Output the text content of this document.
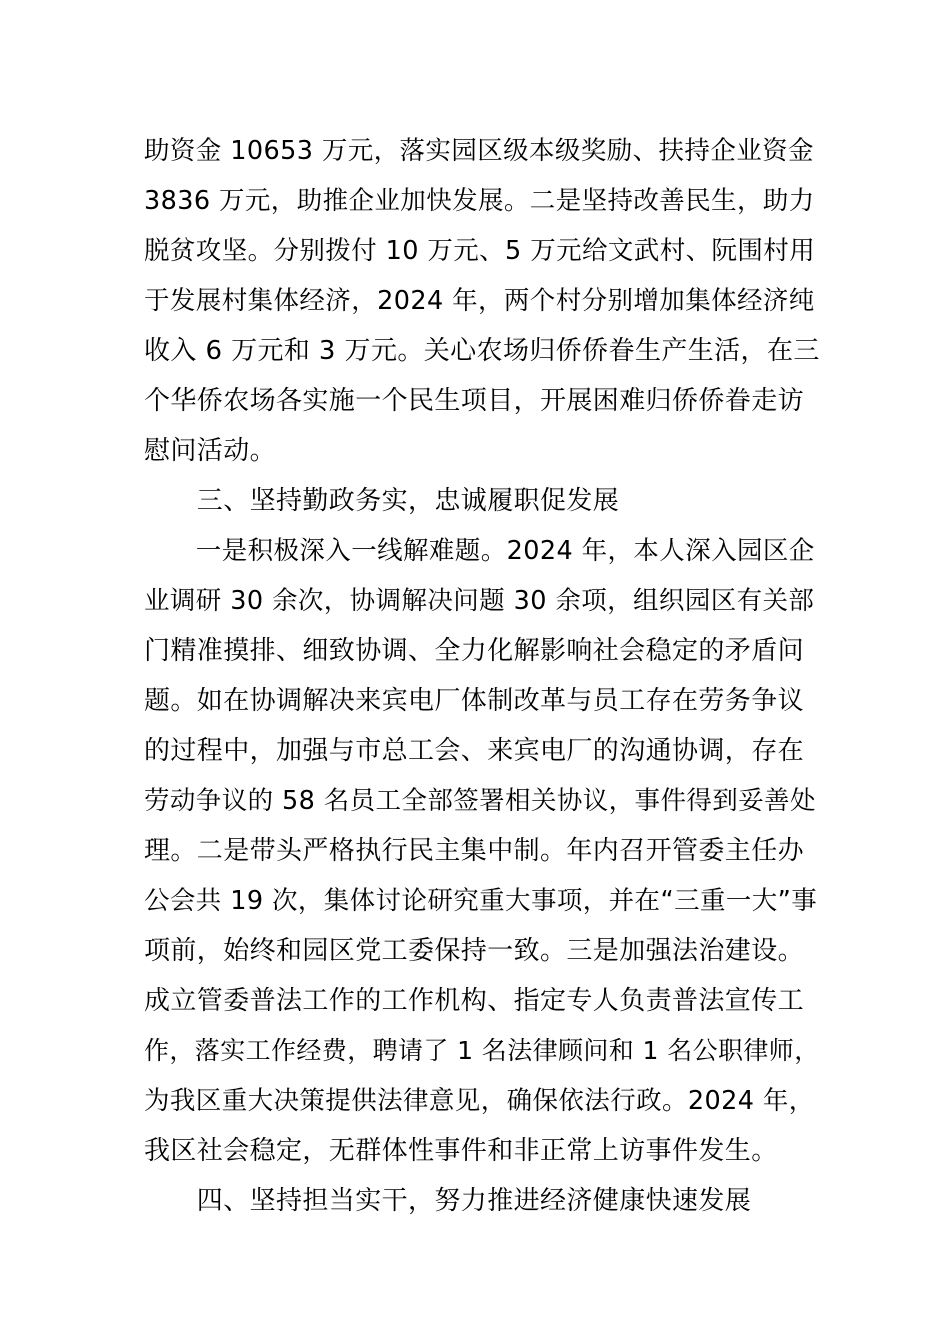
助资金 10653 万元，落实园区级本级奖励、扶持企业资金
3836 万元，助推企业加快发展。二是坚持改善民生，助力
脱贫攻坚。分别拨付 10 万元、5 万元给文武村、阮围村用
于发展村集体经济，2024 年，两个村分别增加集体经济纯
收入 6 万元和 3 万元。关心农场归侨侨眷生产生活，在三
个华侨农场各实施一个民生项目，开展困难归侨侨眷走访
慰问活动。
　　三、坚持勤政务实，忠诚履职促发展
　　一是积极深入一线解难题。2024 年，本人深入园区企
业调研 30 余次，协调解决问题 30 余项，组织园区有关部
门精准摸排、细致协调、全力化解影响社会稳定的矛盾问
题。如在协调解决来宾电厂体制改革与员工存在劳务争议
的过程中，加强与市总工会、来宾电厂的沟通协调，存在
劳动争议的 58 名员工全部签署相关协议，事件得到妥善处
理。二是带头严格执行民主集中制。年内召开管委主任办
公会共 19 次，集体讨论研究重大事项，并在“三重一大”事
项前，始终和园区党工委保持一致。三是加强法治建设。
成立管委普法工作的工作机构、指定专人负责普法宣传工
作，落实工作经费，聘请了 1 名法律顾问和 1 名公职律师，
为我区重大决策提供法律意见，确保依法行政。2024 年，
我区社会稳定，无群体性事件和非正常上访事件发生。
　　四、坚持担当实干，努力推进经济健康快速发展
